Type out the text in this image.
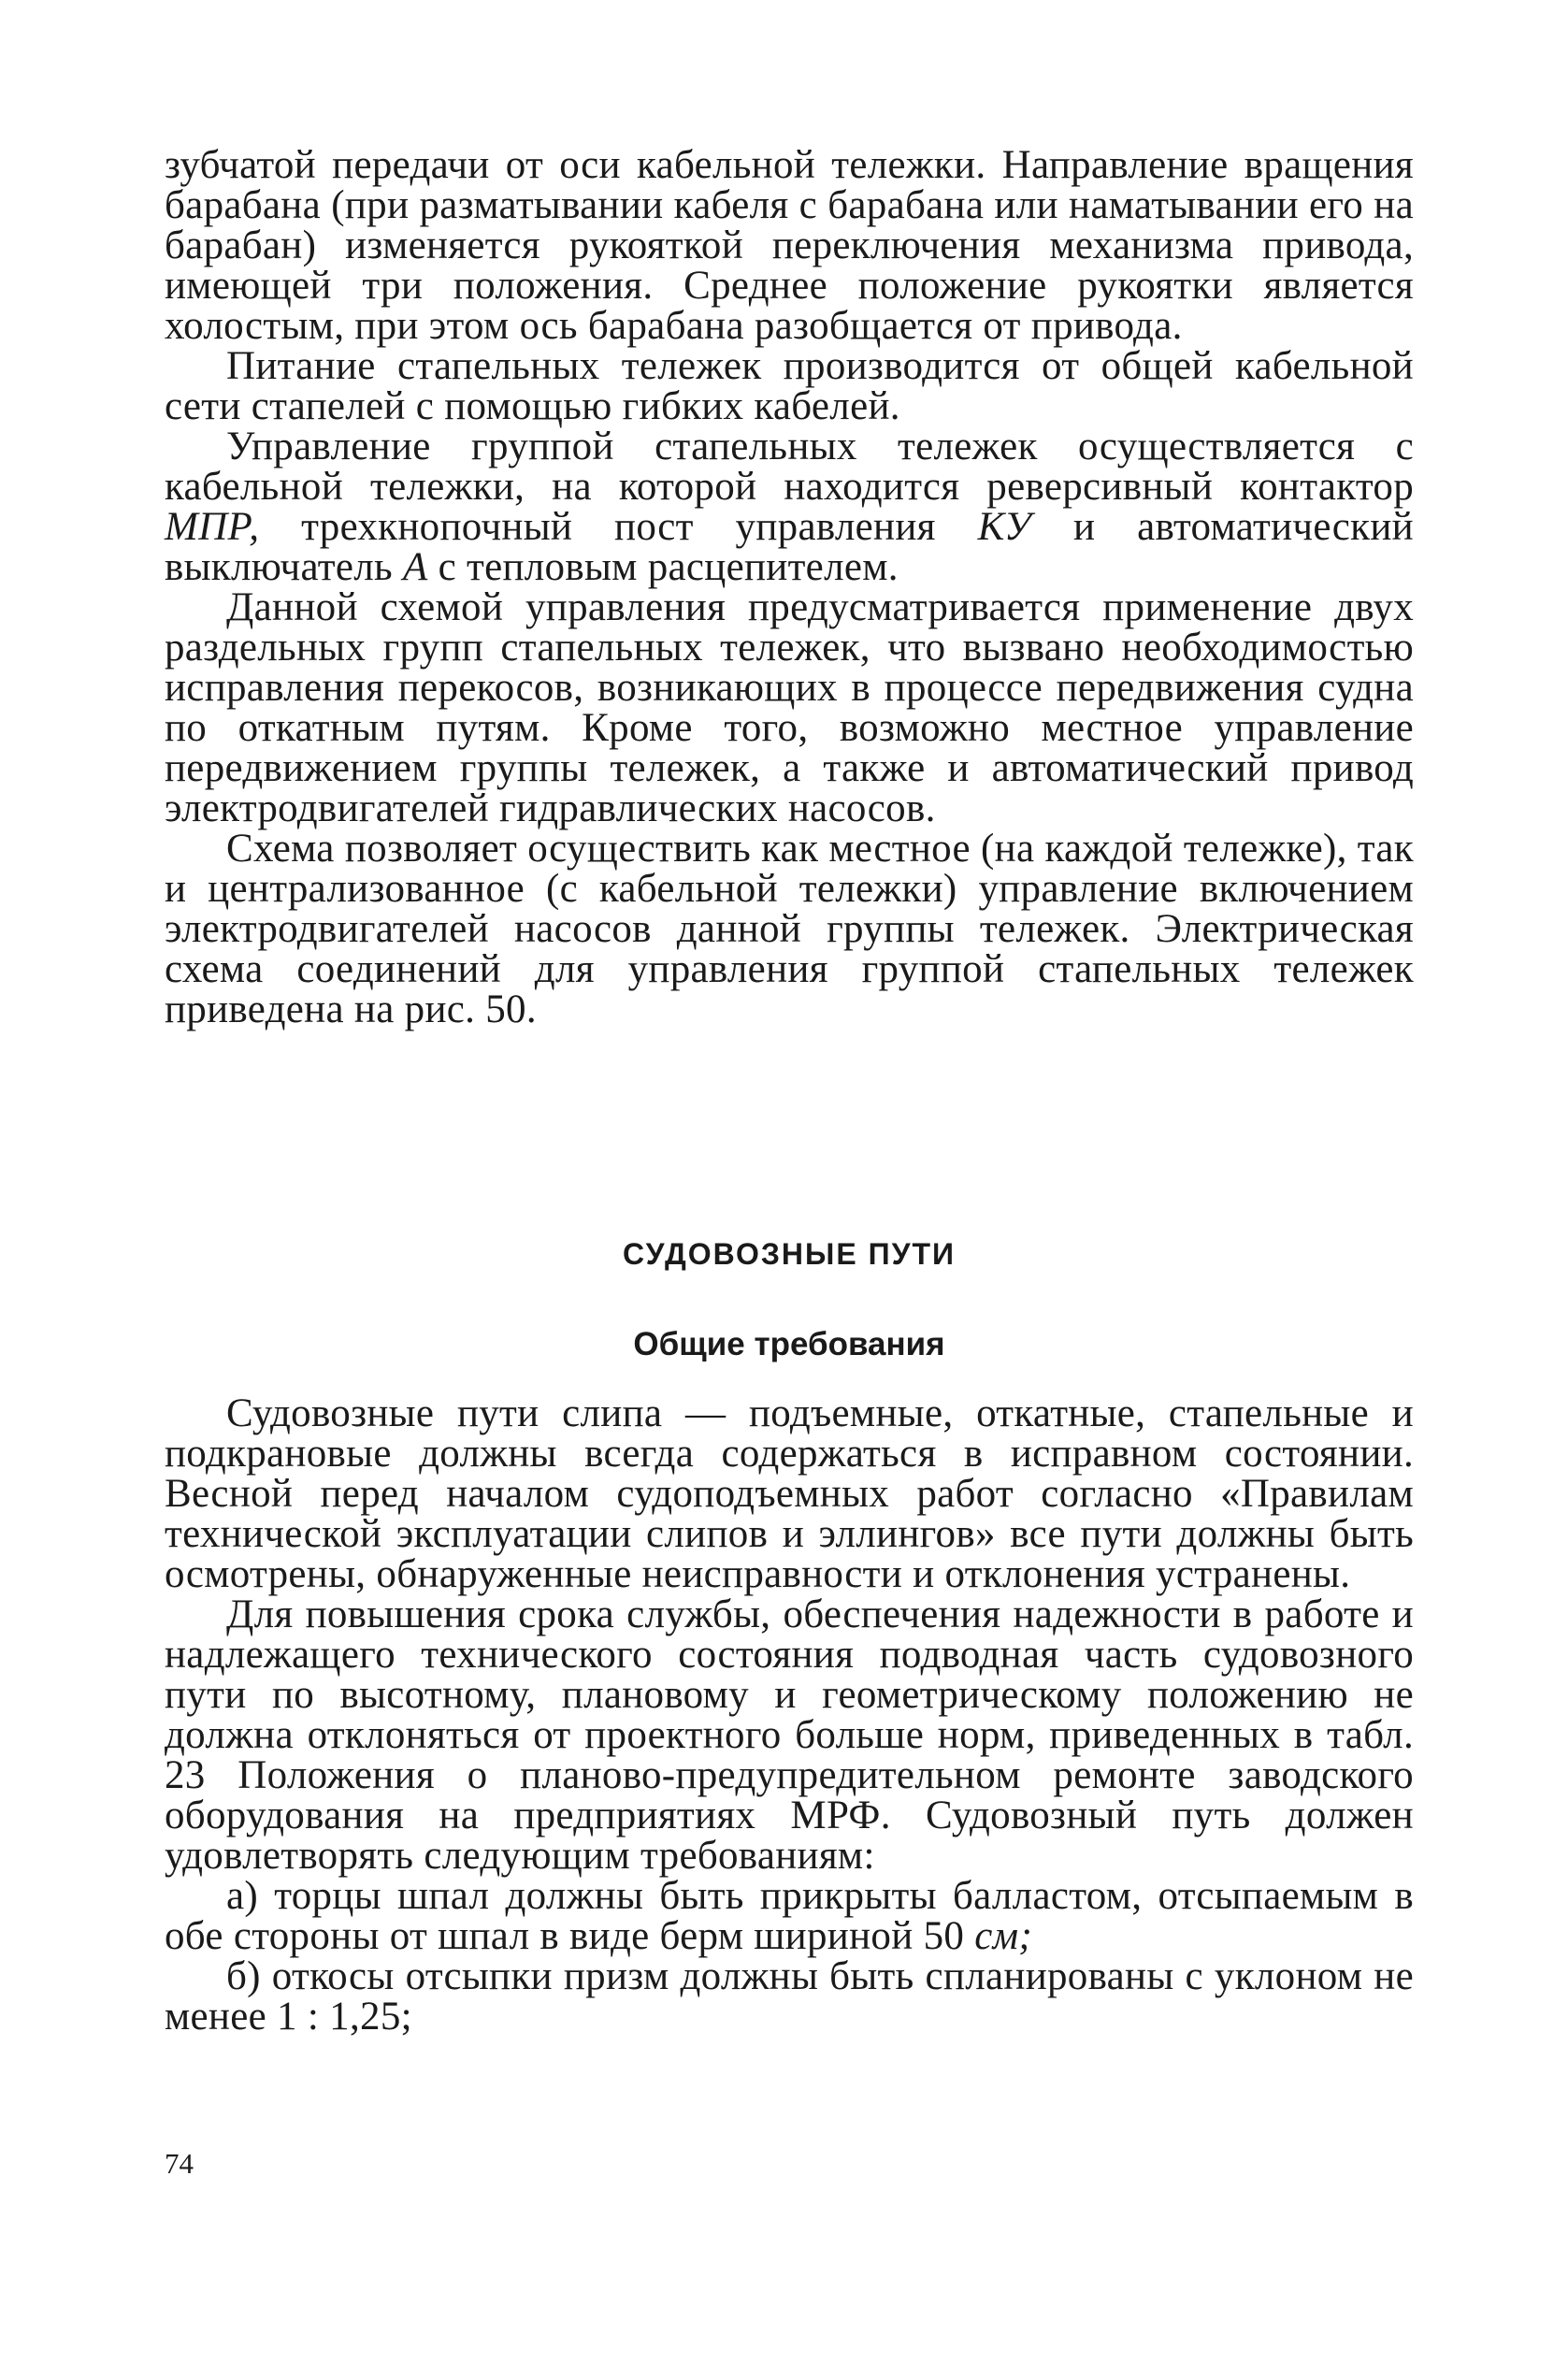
зубчатой передачи от оси кабельной тележки. Направление вращения барабана (при разматывании кабеля с барабана или наматывании его на барабан) изменяется рукояткой переключения механизма привода, имеющей три положения. Среднее положение рукоятки является холостым, при этом ось барабана разобщается от привода.

Питание стапельных тележек производится от общей кабельной сети стапелей с помощью гибких кабелей.

Управление группой стапельных тележек осуществляется с кабельной тележки, на которой находится реверсивный контактор МПР, трехкнопочный пост управления КУ и автоматический выключатель А с тепловым расцепителем.

Данной схемой управления предусматривается применение двух раздельных групп стапельных тележек, что вызвано необходимостью исправления перекосов, возникающих в процессе передвижения судна по откатным путям. Кроме того, возможно местное управление передвижением группы тележек, а также и автоматический привод электродвигателей гидравлических насосов.

Схема позволяет осуществить как местное (на каждой тележке), так и централизованное (с кабельной тележки) управление включением электродвигателей насосов данной группы тележек. Электрическая схема соединений для управления группой стапельных тележек приведена на рис. 50.

СУДОВОЗНЫЕ ПУТИ
Общие требования

Судовозные пути слипа — подъемные, откатные, стапельные и подкрановые должны всегда содержаться в исправном состоянии. Весной перед началом судоподъемных работ согласно «Правилам технической эксплуатации слипов и эллингов» все пути должны быть осмотрены, обнаруженные неисправности и отклонения устранены.

Для повышения срока службы, обеспечения надежности в работе и надлежащего технического состояния подводная часть судовозного пути по высотному, плановому и геометрическому положению не должна отклоняться от проектного больше норм, приведенных в табл. 23 Положения о планово-предупредительном ремонте заводского оборудования на предприятиях МРФ. Судовозный путь должен удовлетворять следующим требованиям:

а) торцы шпал должны быть прикрыты балластом, отсыпаемым в обе стороны от шпал в виде берм шириной 50 см;

б) откосы отсыпки призм должны быть спланированы с уклоном не менее 1 : 1,25;

74
